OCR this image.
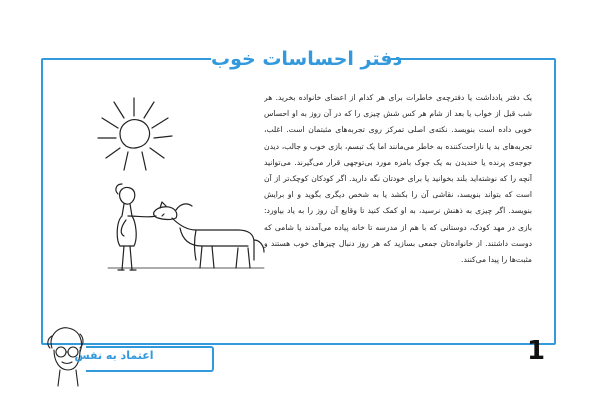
دفتر احساسات خوب
یک دفتر یادداشت یا دفترچه‌ی خاطرات برای هر کدام از اعضای خانواده بخرید. هر شب قبل از خواب یا بعد از شام هر کس شش چیزی را که در آن روز به او احساس خوبی داده است بنویسد. نکته‌ی اصلی تمرکز روی تجربه‌های مثبتمان است. اغلب، تجربه‌های بد یا ناراحت‌کننده به خاطر می‌مانند اما یک تبسم، بازی خوب و جالب، دیدن جوجه‌ی پرنده یا خندیدن به یک جوک بامزه مورد بی‌توجهی قرار می‌گیرند. می‌توانید آنچه را که نوشته‌اید بلند بخوانید یا برای خودتان نگه دارید. اگر کودکان کوچک‌تر از آن است که بتواند بنویسد، نقاشی آن را بکشد یا به شخص دیگری بگوید و او برایش بنویسد. اگر چیزی به ذهنش نرسید، به او کمک کنید تا وقایع آن روز را به یاد بیاورد: بازی در مهد کودک، دوستانی که با هم از مدرسه تا خانه پیاده می‌آمدند یا شامی که دوست داشتند. از خانواده‌تان جمعی بسازید که هر روز دنبال چیزهای خوب هستند و مثبت‌ها را پیدا می‌کنند.
اعتماد به نفس	1
